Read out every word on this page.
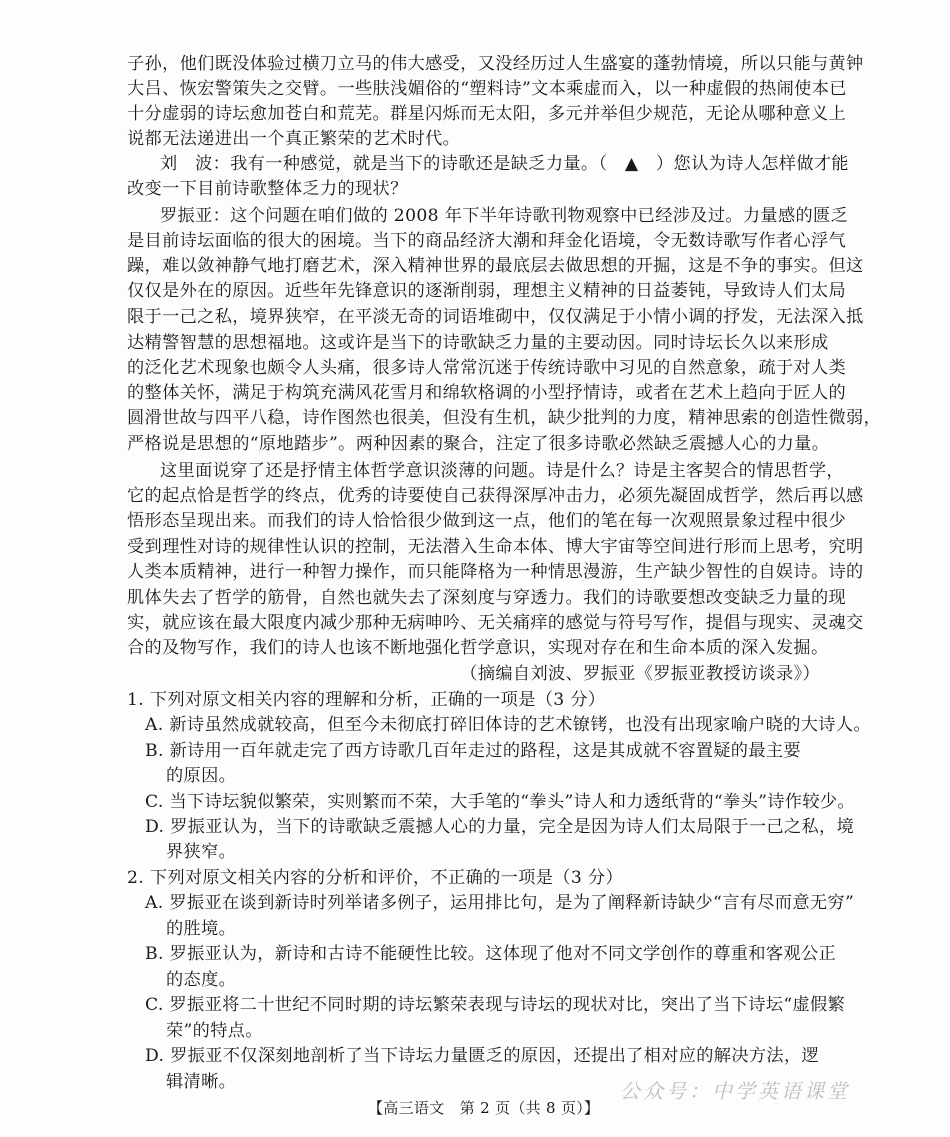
子孙，他们既没体验过横刀立马的伟大感受，又没经历过人生盛宴的蓬勃情境，所以只能与黄钟
大吕、恢宏警策失之交臂。一些肤浅媚俗的“塑料诗”文本乘虚而入，以一种虚假的热闹使本已
十分虚弱的诗坛愈加苍白和荒芜。群星闪烁而无太阳，多元并举但少规范，无论从哪种意义上
说都无法递进出一个真正繁荣的艺术时代。
刘　波：我有一种感觉，就是当下的诗歌还是缺乏力量。（　▲　）您认为诗人怎样做才能
改变一下目前诗歌整体乏力的现状？
罗振亚：这个问题在咱们做的 2008 年下半年诗歌刊物观察中已经涉及过。力量感的匮乏
是目前诗坛面临的很大的困境。当下的商品经济大潮和拜金化语境，令无数诗歌写作者心浮气
躁，难以敛神静气地打磨艺术，深入精神世界的最底层去做思想的开掘，这是不争的事实。但这
仅仅是外在的原因。近些年先锋意识的逐渐削弱，理想主义精神的日益萎钝，导致诗人们太局
限于一己之私，境界狭窄，在平淡无奇的词语堆砌中，仅仅满足于小情小调的抒发，无法深入抵
达精警智慧的思想福地。这或许是当下的诗歌缺乏力量的主要动因。同时诗坛长久以来形成
的泛化艺术现象也颇令人头痛，很多诗人常常沉迷于传统诗歌中习见的自然意象，疏于对人类
的整体关怀，满足于构筑充满风花雪月和绵软格调的小型抒情诗，或者在艺术上趋向于匠人的
圆滑世故与四平八稳，诗作图然也很美，但没有生机，缺少批判的力度，精神思索的创造性微弱，
严格说是思想的“原地踏步”。两种因素的聚合，注定了很多诗歌必然缺乏震撼人心的力量。
这里面说穿了还是抒情主体哲学意识淡薄的问题。诗是什么？诗是主客契合的情思哲学，
它的起点恰是哲学的终点，优秀的诗要使自己获得深厚冲击力，必须先凝固成哲学，然后再以感
悟形态呈现出来。而我们的诗人恰恰很少做到这一点，他们的笔在每一次观照景象过程中很少
受到理性对诗的规律性认识的控制，无法潜入生命本体、博大宇宙等空间进行形而上思考，究明
人类本质精神，进行一种智力操作，而只能降格为一种情思漫游，生产缺少智性的自娱诗。诗的
肌体失去了哲学的筋骨，自然也就失去了深刻度与穿透力。我们的诗歌要想改变缺乏力量的现
实，就应该在最大限度内减少那种无病呻吟、无关痛痒的感觉与符号写作，提倡与现实、灵魂交
合的及物写作，我们的诗人也该不断地强化哲学意识，实现对存在和生命本质的深入发掘。
（摘编自刘波、罗振亚《罗振亚教授访谈录》）
1. 下列对原文相关内容的理解和分析，正确的一项是（3 分）
A. 新诗虽然成就较高，但至今未彻底打碎旧体诗的艺术镣铐，也没有出现家喻户晓的大诗人。
B. 新诗用一百年就走完了西方诗歌几百年走过的路程，这是其成就不容置疑的最主要
的原因。
C. 当下诗坛貌似繁荣，实则繁而不荣，大手笔的“拳头”诗人和力透纸背的“拳头”诗作较少。
D. 罗振亚认为，当下的诗歌缺乏震撼人心的力量，完全是因为诗人们太局限于一己之私，境
界狭窄。
2. 下列对原文相关内容的分析和评价，不正确的一项是（3 分）
A. 罗振亚在谈到新诗时列举诸多例子，运用排比句，是为了阐释新诗缺少“言有尽而意无穷”
的胜境。
B. 罗振亚认为，新诗和古诗不能硬性比较。这体现了他对不同文学创作的尊重和客观公正
的态度。
C. 罗振亚将二十世纪不同时期的诗坛繁荣表现与诗坛的现状对比，突出了当下诗坛“虚假繁
荣”的特点。
D. 罗振亚不仅深刻地剖析了当下诗坛力量匮乏的原因，还提出了相对应的解决方法，逻
辑清晰。	公众号：中学英语课堂
【高三语文　第 2 页（共 8 页）】
